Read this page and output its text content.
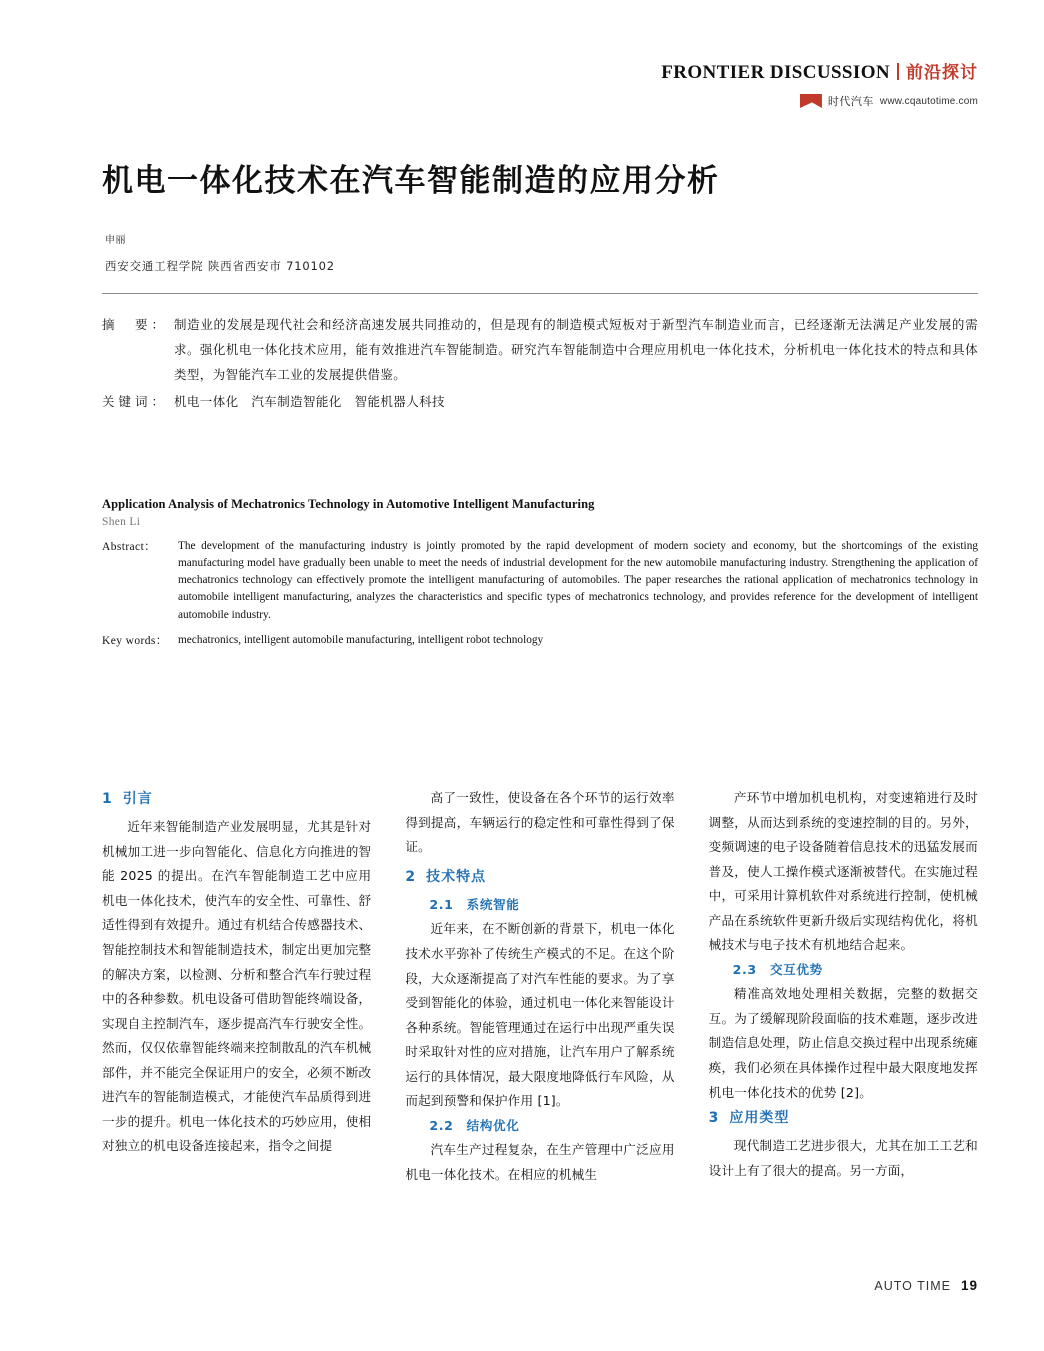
FRONTIER DISCUSSION 前沿探讨
时代汽车 www.cqautotime.com
机电一体化技术在汽车智能制造的应用分析
申丽
西安交通工程学院 陕西省西安市 710102
摘　要： 制造业的发展是现代社会和经济高速发展共同推动的，但是现有的制造模式短板对于新型汽车制造业而言，已经逐渐无法满足产业发展的需求。强化机电一体化技术应用，能有效推进汽车智能制造。研究汽车智能制造中合理应用机电一体化技术，分析机电一体化技术的特点和具体类型，为智能汽车工业的发展提供借鉴。
关键词： 机电一体化　汽车制造智能化　智能机器人科技
Application Analysis of Mechatronics Technology in Automotive Intelligent Manufacturing
Shen Li
Abstract：	The development of the manufacturing industry is jointly promoted by the rapid development of modern society and economy, but the shortcomings of the existing manufacturing model have gradually been unable to meet the needs of industrial development for the new automobile manufacturing industry. Strengthening the application of mechatronics technology can effectively promote the intelligent manufacturing of automobiles. The paper researches the rational application of mechatronics technology in automobile intelligent manufacturing, analyzes the characteristics and specific types of mechatronics technology, and provides reference for the development of intelligent automobile industry.
Key words： mechatronics, intelligent automobile manufacturing, intelligent robot technology
1 引言
近年来智能制造产业发展明显，尤其是针对机械加工进一步向智能化、信息化方向推进的智能 2025 的提出。在汽车智能制造工艺中应用机电一体化技术，使汽车的安全性、可靠性、舒适性得到有效提升。通过有机结合传感器技术、智能控制技术和智能制造技术，制定出更加完整的解决方案，以检测、分析和整合汽车行驶过程中的各种参数。机电设备可借助智能终端设备，实现自主控制汽车，逐步提高汽车行驶安全性。然而，仅仅依靠智能终端来控制散乱的汽车机械部件，并不能完全保证用户的安全，必须不断改进汽车的智能制造模式，才能使汽车品质得到进一步的提升。机电一体化技术的巧妙应用，使相对独立的机电设备连接起来，指令之间提
高了一致性，使设备在各个环节的运行效率得到提高，车辆运行的稳定性和可靠性得到了保证。
2 技术特点
2.1　系统智能
近年来，在不断创新的背景下，机电一体化技术水平弥补了传统生产模式的不足。在这个阶段，大众逐渐提高了对汽车性能的要求。为了享受到智能化的体验，通过机电一体化来智能设计各种系统。智能管理通过在运行中出现严重失误时采取针对性的应对措施，让汽车用户了解系统运行的具体情况，最大限度地降低行车风险，从而起到预警和保护作用 [1]。
2.2　结构优化
汽车生产过程复杂，在生产管理中广泛应用机电一体化技术。在相应的机械生
产环节中增加机电机构，对变速箱进行及时调整，从而达到系统的变速控制的目的。另外，变频调速的电子设备随着信息技术的迅猛发展而普及，使人工操作模式逐渐被替代。在实施过程中，可采用计算机软件对系统进行控制，使机械产品在系统软件更新升级后实现结构优化，将机械技术与电子技术有机地结合起来。
2.3　交互优势
精准高效地处理相关数据，完整的数据交互。为了缓解现阶段面临的技术难题，逐步改进制造信息处理，防止信息交换过程中出现系统瘫痪，我们必须在具体操作过程中最大限度地发挥机电一体化技术的优势 [2]。
3 应用类型
现代制造工艺进步很大，尤其在加工工艺和设计上有了很大的提高。另一方面，
AUTO TIME 19
